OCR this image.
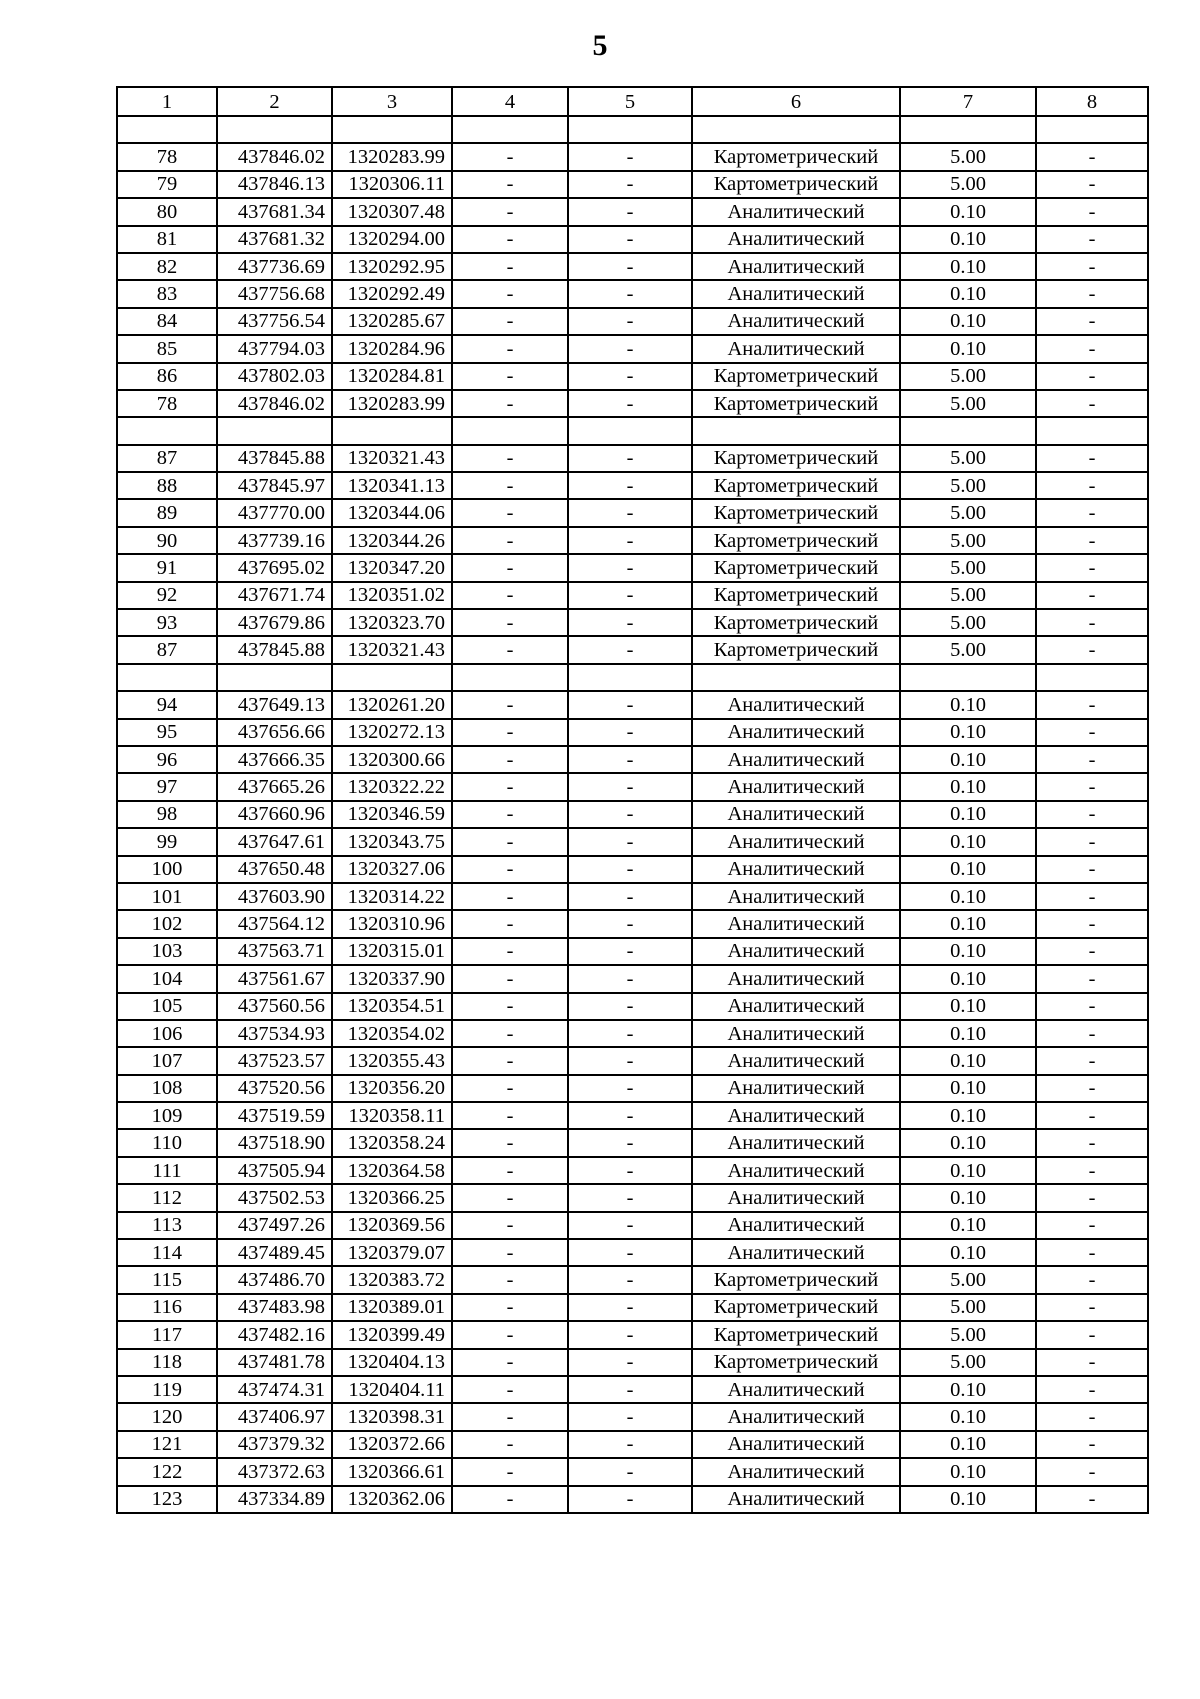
5
1	2	3	4	5	6	7	8

78	437846.02	1320283.99	-	-	Картометрический	5.00	-
79	437846.13	1320306.11	-	-	Картометрический	5.00	-
80	437681.34	1320307.48	-	-	Аналитический	0.10	-
81	437681.32	1320294.00	-	-	Аналитический	0.10	-
82	437736.69	1320292.95	-	-	Аналитический	0.10	-
83	437756.68	1320292.49	-	-	Аналитический	0.10	-
84	437756.54	1320285.67	-	-	Аналитический	0.10	-
85	437794.03	1320284.96	-	-	Аналитический	0.10	-
86	437802.03	1320284.81	-	-	Картометрический	5.00	-
78	437846.02	1320283.99	-	-	Картометрический	5.00	-

87	437845.88	1320321.43	-	-	Картометрический	5.00	-
88	437845.97	1320341.13	-	-	Картометрический	5.00	-
89	437770.00	1320344.06	-	-	Картометрический	5.00	-
90	437739.16	1320344.26	-	-	Картометрический	5.00	-
91	437695.02	1320347.20	-	-	Картометрический	5.00	-
92	437671.74	1320351.02	-	-	Картометрический	5.00	-
93	437679.86	1320323.70	-	-	Картометрический	5.00	-
87	437845.88	1320321.43	-	-	Картометрический	5.00	-

94	437649.13	1320261.20	-	-	Аналитический	0.10	-
95	437656.66	1320272.13	-	-	Аналитический	0.10	-
96	437666.35	1320300.66	-	-	Аналитический	0.10	-
97	437665.26	1320322.22	-	-	Аналитический	0.10	-
98	437660.96	1320346.59	-	-	Аналитический	0.10	-
99	437647.61	1320343.75	-	-	Аналитический	0.10	-
100	437650.48	1320327.06	-	-	Аналитический	0.10	-
101	437603.90	1320314.22	-	-	Аналитический	0.10	-
102	437564.12	1320310.96	-	-	Аналитический	0.10	-
103	437563.71	1320315.01	-	-	Аналитический	0.10	-
104	437561.67	1320337.90	-	-	Аналитический	0.10	-
105	437560.56	1320354.51	-	-	Аналитический	0.10	-
106	437534.93	1320354.02	-	-	Аналитический	0.10	-
107	437523.57	1320355.43	-	-	Аналитический	0.10	-
108	437520.56	1320356.20	-	-	Аналитический	0.10	-
109	437519.59	1320358.11	-	-	Аналитический	0.10	-
110	437518.90	1320358.24	-	-	Аналитический	0.10	-
111	437505.94	1320364.58	-	-	Аналитический	0.10	-
112	437502.53	1320366.25	-	-	Аналитический	0.10	-
113	437497.26	1320369.56	-	-	Аналитический	0.10	-
114	437489.45	1320379.07	-	-	Аналитический	0.10	-
115	437486.70	1320383.72	-	-	Картометрический	5.00	-
116	437483.98	1320389.01	-	-	Картометрический	5.00	-
117	437482.16	1320399.49	-	-	Картометрический	5.00	-
118	437481.78	1320404.13	-	-	Картометрический	5.00	-
119	437474.31	1320404.11	-	-	Аналитический	0.10	-
120	437406.97	1320398.31	-	-	Аналитический	0.10	-
121	437379.32	1320372.66	-	-	Аналитический	0.10	-
122	437372.63	1320366.61	-	-	Аналитический	0.10	-
123	437334.89	1320362.06	-	-	Аналитический	0.10	-
